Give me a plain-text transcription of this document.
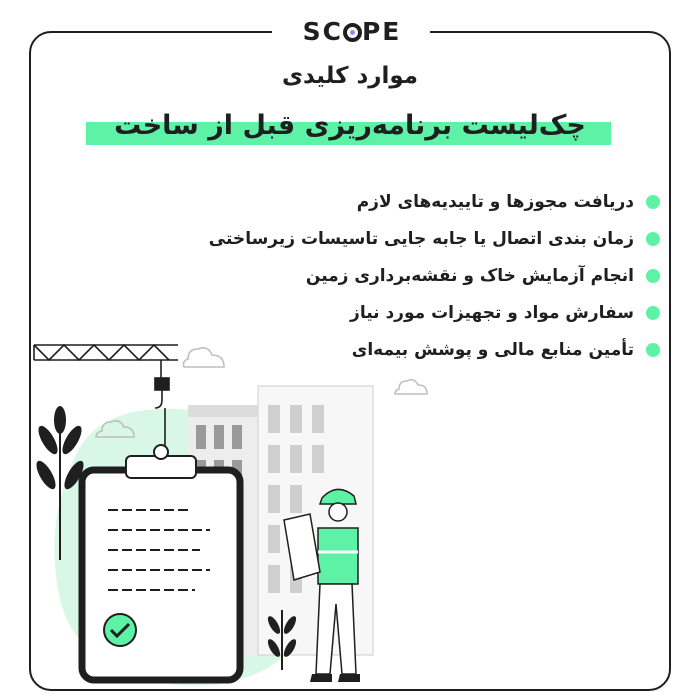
SC PE
موارد کلیدی
چک‌لیست برنامه‌ریزی قبل از ساخت
دریافت مجوزها و تاییدیه‌های لازم
زمان بندی اتصال یا جابه جایی تاسیسات زیرساختی
انجام آزمایش خاک و نقشه‌برداری زمین
سفارش مواد و تجهیزات مورد نیاز
تأمین منابع مالی و پوشش بیمه‌ای
